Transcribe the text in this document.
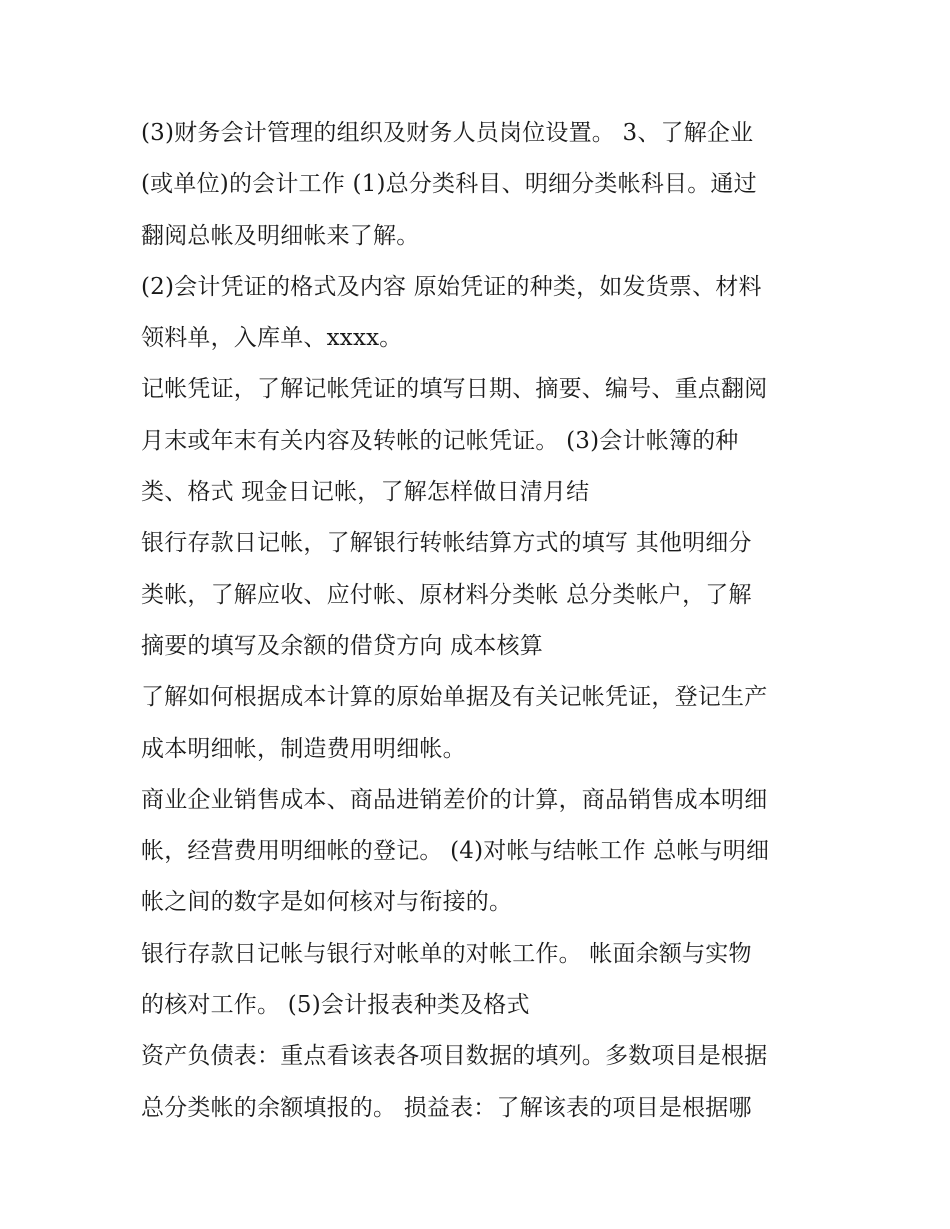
(3)财务会计管理的组织及财务人员岗位设置。 3、了解企业
(或单位)的会计工作 (1)总分类科目、明细分类帐科目。通过
翻阅总帐及明细帐来了解。
(2)会计凭证的格式及内容 原始凭证的种类，如发货票、材料
领料单，入库单、xxxx。
记帐凭证，了解记帐凭证的填写日期、摘要、编号、重点翻阅
月末或年末有关内容及转帐的记帐凭证。 (3)会计帐簿的种
类、格式 现金日记帐，了解怎样做日清月结
银行存款日记帐，了解银行转帐结算方式的填写 其他明细分
类帐，了解应收、应付帐、原材料分类帐 总分类帐户，了解
摘要的填写及余额的借贷方向 成本核算
了解如何根据成本计算的原始单据及有关记帐凭证，登记生产
成本明细帐，制造费用明细帐。
商业企业销售成本、商品进销差价的计算，商品销售成本明细
帐，经营费用明细帐的登记。 (4)对帐与结帐工作 总帐与明细
帐之间的数字是如何核对与衔接的。
银行存款日记帐与银行对帐单的对帐工作。 帐面余额与实物
的核对工作。 (5)会计报表种类及格式
资产负债表：重点看该表各项目数据的填列。多数项目是根据
总分类帐的余额填报的。 损益表：了解该表的项目是根据哪
